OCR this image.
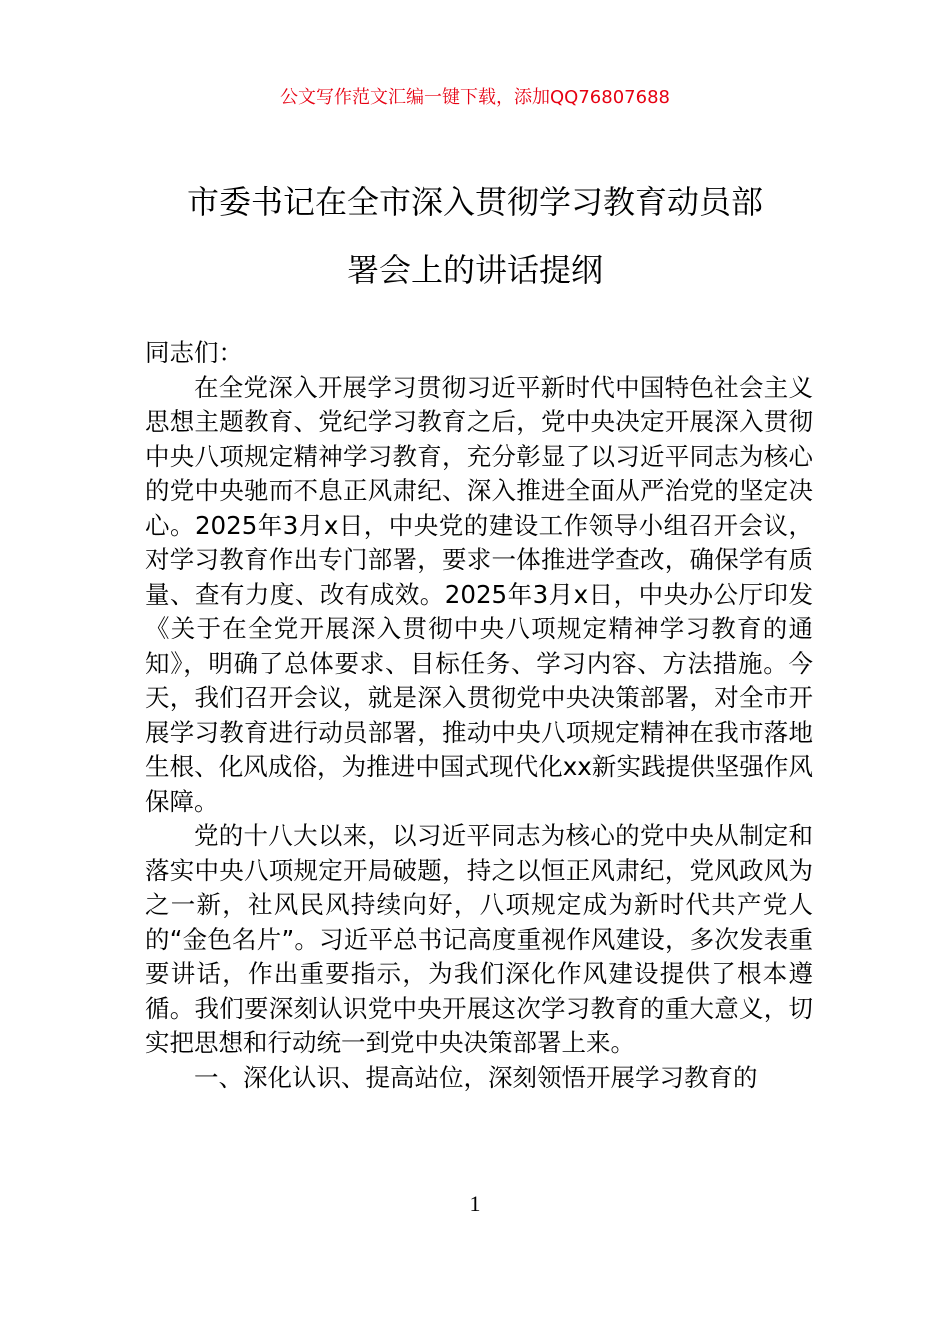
公文写作范文汇编一键下载，添加QQ76807688
市委书记在全市深入贯彻学习教育动员部
署会上的讲话提纲

同志们：

在全党深入开展学习贯彻习近平新时代中国特色社会主义思想主题教育、党纪学习教育之后，党中央决定开展深入贯彻中央八项规定精神学习教育，充分彰显了以习近平同志为核心的党中央驰而不息正风肃纪、深入推进全面从严治党的坚定决心。2025年3月x日，中央党的建设工作领导小组召开会议，对学习教育作出专门部署，要求一体推进学查改，确保学有质量、查有力度、改有成效。2025年3月x日，中央办公厅印发《关于在全党开展深入贯彻中央八项规定精神学习教育的通知》，明确了总体要求、目标任务、学习内容、方法措施。今天，我们召开会议，就是深入贯彻党中央决策部署，对全市开展学习教育进行动员部署，推动中央八项规定精神在我市落地生根、化风成俗，为推进中国式现代化xx新实践提供坚强作风保障。

党的十八大以来，以习近平同志为核心的党中央从制定和落实中央八项规定开局破题，持之以恒正风肃纪，党风政风为之一新，社风民风持续向好，八项规定成为新时代共产党人的“金色名片”。习近平总书记高度重视作风建设，多次发表重要讲话，作出重要指示，为我们深化作风建设提供了根本遵循。我们要深刻认识党中央开展这次学习教育的重大意义，切实把思想和行动统一到党中央决策部署上来。

一、深化认识、提高站位，深刻领悟开展学习教育的

1
